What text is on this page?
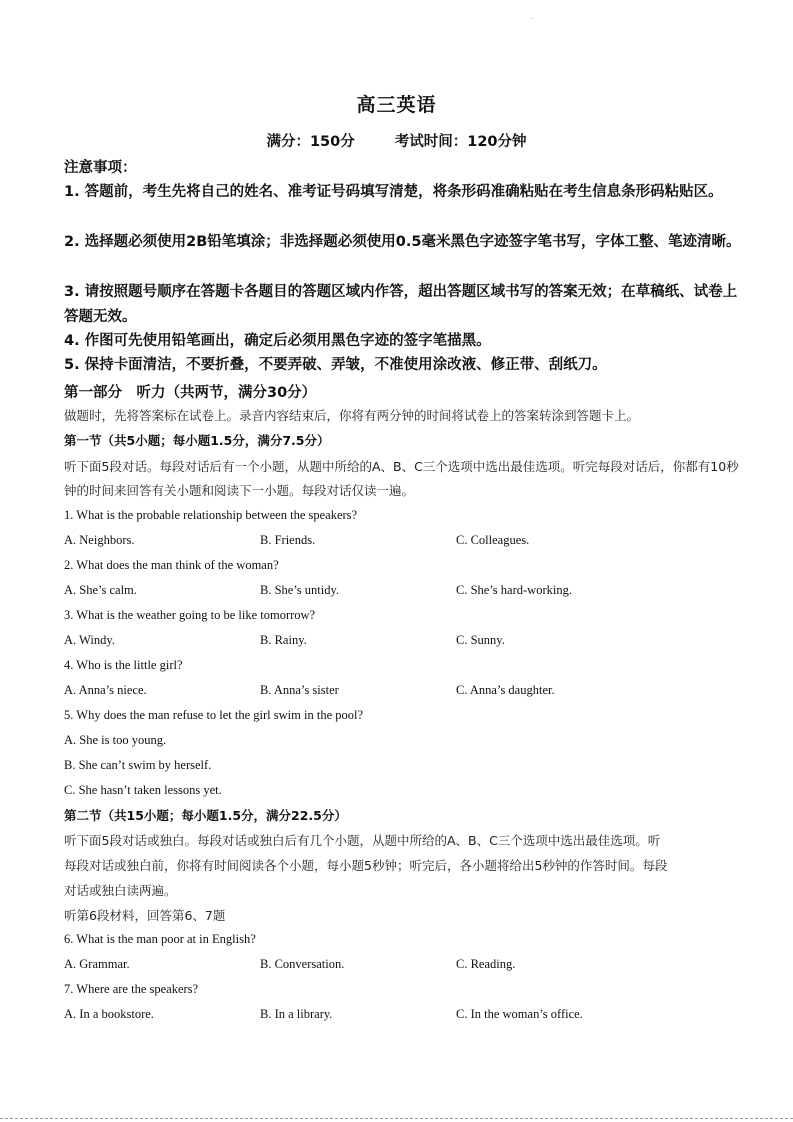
高三英语
满分：150分	考试时间：120分钟
注意事项：
1. 答题前，考生先将自己的姓名、准考证号码填写清楚，将条形码准确粘贴在考生信息条形码粘贴区。
2. 选择题必须使用2B铅笔填涂；非选择题必须使用0.5毫米黑色字迹签字笔书写，字体工整、笔迹清晰。
3. 请按照题号顺序在答题卡各题目的答题区域内作答，超出答题区域书写的答案无效；在草稿纸、试卷上答题无效。
4. 作图可先使用铅笔画出，确定后必须用黑色字迹的签字笔描黑。
5. 保持卡面清洁，不要折叠，不要弄破、弄皱，不准使用涂改液、修正带、刮纸刀。
第一部分　听力（共两节，满分30分）
做题时，先将答案标在试卷上。录音内容结束后，你将有两分钟的时间将试卷上的答案转涂到答题卡上。
第一节（共5小题；每小题1.5分，满分7.5分）
听下面5段对话。每段对话后有一个小题，从题中所给的A、B、C三个选项中选出最佳选项。听完每段对话后，你都有10秒钟的时间来回答有关小题和阅读下一小题。每段对话仅读一遍。
1. What is the probable relationship between the speakers?
A. Neighbors.	B. Friends.	C. Colleagues.
2. What does the man think of the woman?
A. She’s calm.	B. She’s untidy.	C. She’s hard-working.
3. What is the weather going to be like tomorrow?
A. Windy.	B. Rainy.	C. Sunny.
4. Who is the little girl?
A. Anna’s niece.	B. Anna’s sister	C. Anna’s daughter.
5. Why does the man refuse to let the girl swim in the pool?
A. She is too young.
B. She can’t swim by herself.
C. She hasn’t taken lessons yet.
第二节（共15小题；每小题1.5分，满分22.5分）
听下面5段对话或独白。每段对话或独白后有几个小题，从题中所给的A、B、C三个选项中选出最佳选项。听
每段对话或独白前，你将有时间阅读各个小题，每小题5秒钟；听完后，各小题将给出5秒钟的作答时间。每段
对话或独白读两遍。
听第6段材料，回答第6、7题
6. What is the man poor at in English?
A. Grammar.	B. Conversation.	C. Reading.
7. Where are the speakers?
A. In a bookstore.	B. In a library.	C. In the woman’s office.
